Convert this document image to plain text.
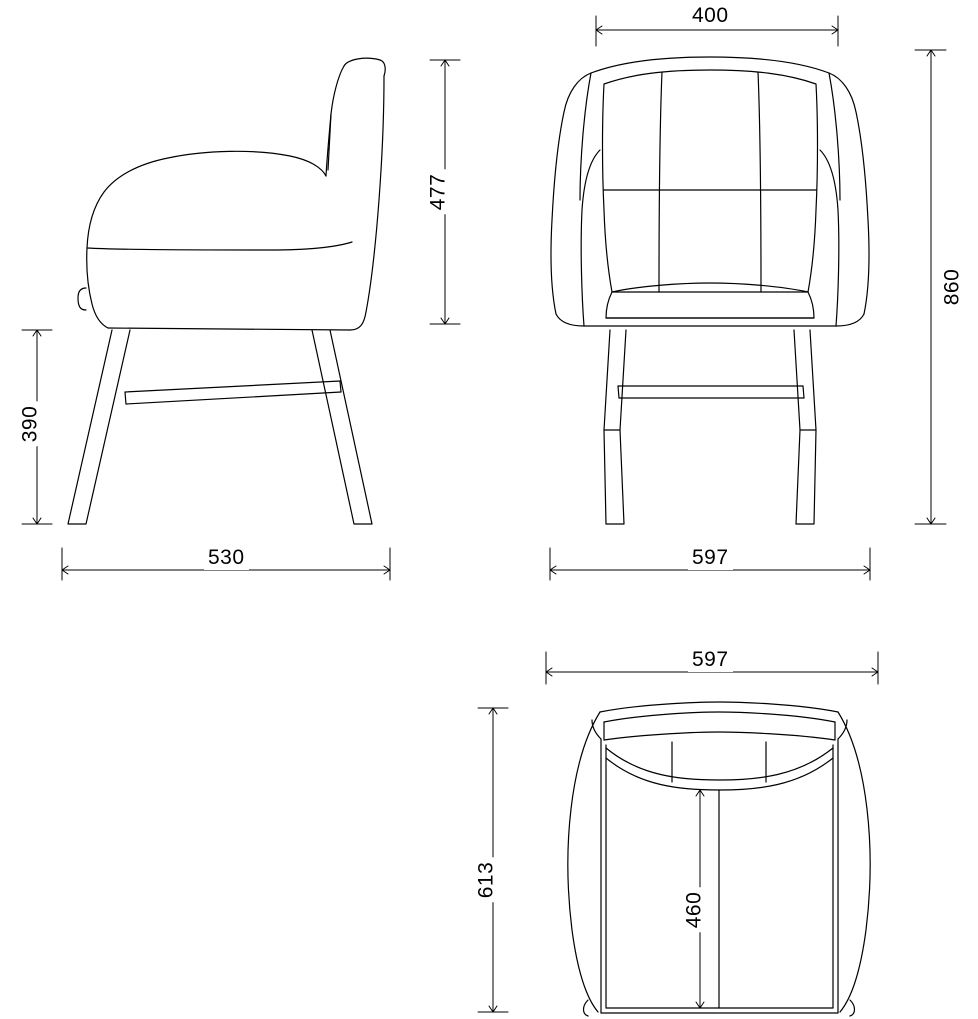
477
390
530
400
860
597
597
613
460
